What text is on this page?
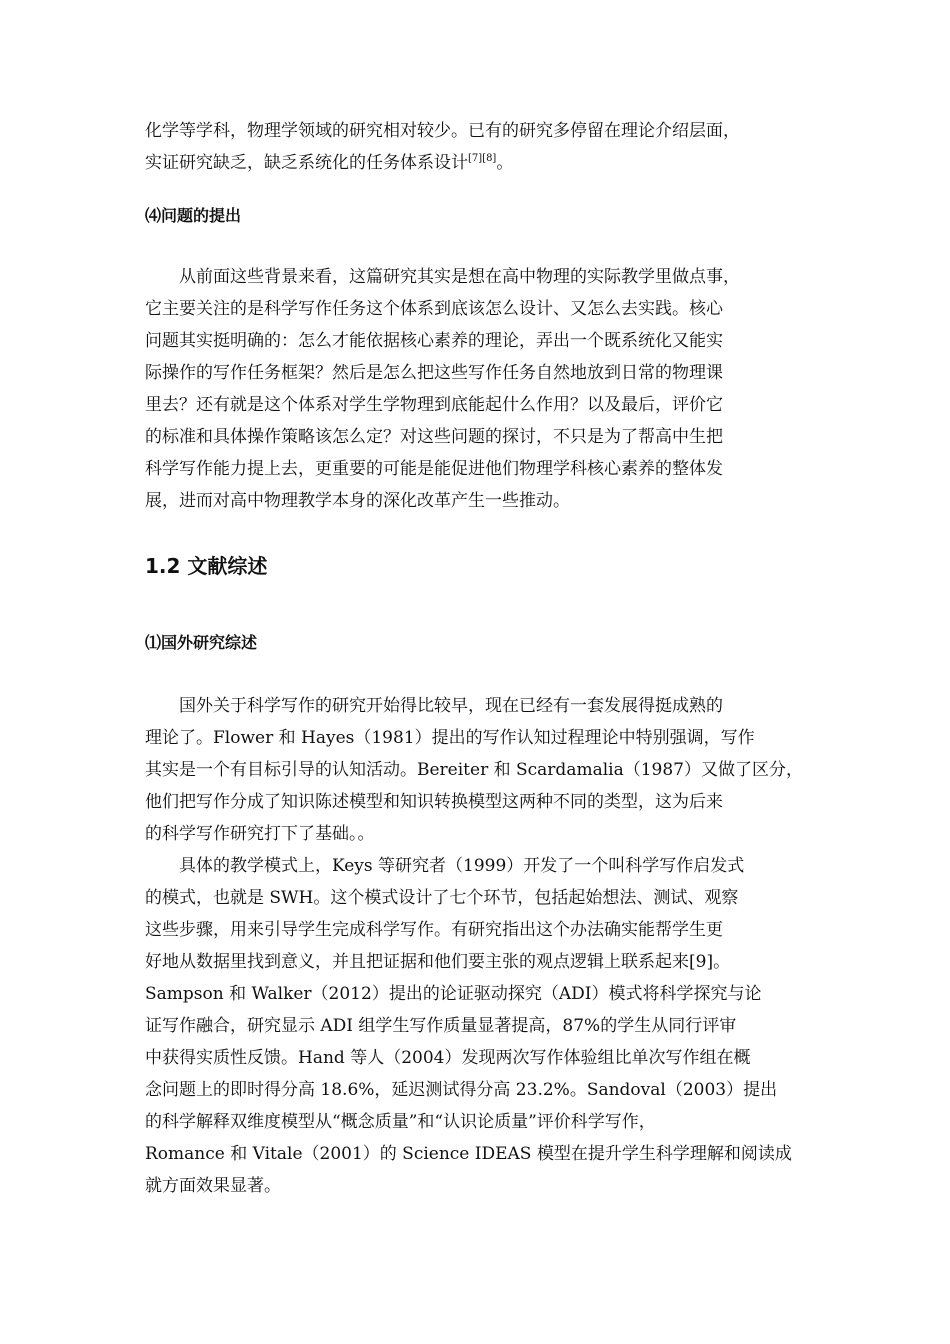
化学等学科，物理学领域的研究相对较少。已有的研究多停留在理论介绍层面，
实证研究缺乏，缺乏系统化的任务体系设计[7][8]。

⑷问题的提出

从前面这些背景来看，这篇研究其实是想在高中物理的实际教学里做点事，
它主要关注的是科学写作任务这个体系到底该怎么设计、又怎么去实践。核心
问题其实挺明确的：怎么才能依据核心素养的理论，弄出一个既系统化又能实
际操作的写作任务框架？然后是怎么把这些写作任务自然地放到日常的物理课
里去？还有就是这个体系对学生学物理到底能起什么作用？以及最后，评价它
的标准和具体操作策略该怎么定？对这些问题的探讨，不只是为了帮高中生把
科学写作能力提上去，更重要的可能是能促进他们物理学科核心素养的整体发
展，进而对高中物理教学本身的深化改革产生一些推动。

1.2 文献综述
⑴国外研究综述

国外关于科学写作的研究开始得比较早，现在已经有一套发展得挺成熟的
理论了。Flower 和 Hayes（1981）提出的写作认知过程理论中特别强调，写作
其实是一个有目标引导的认知活动。Bereiter 和 Scardamalia（1987）又做了区分，
他们把写作分成了知识陈述模型和知识转换模型这两种不同的类型，这为后来
的科学写作研究打下了基础。。

具体的教学模式上，Keys 等研究者（1999）开发了一个叫科学写作启发式
的模式，也就是 SWH。这个模式设计了七个环节，包括起始想法、测试、观察
这些步骤，用来引导学生完成科学写作。有研究指出这个办法确实能帮学生更
好地从数据里找到意义，并且把证据和他们要主张的观点逻辑上联系起来[9]。
Sampson 和 Walker（2012）提出的论证驱动探究（ADI）模式将科学探究与论
证写作融合，研究显示 ADI 组学生写作质量显著提高，87%的学生从同行评审
中获得实质性反馈。Hand 等人（2004）发现两次写作体验组比单次写作组在概
念问题上的即时得分高 18.6%，延迟测试得分高 23.2%。Sandoval（2003）提出
的科学解释双维度模型从“概念质量”和“认识论质量”评价科学写作，
Romance 和 Vitale（2001）的 Science IDEAS 模型在提升学生科学理解和阅读成
就方面效果显著。
